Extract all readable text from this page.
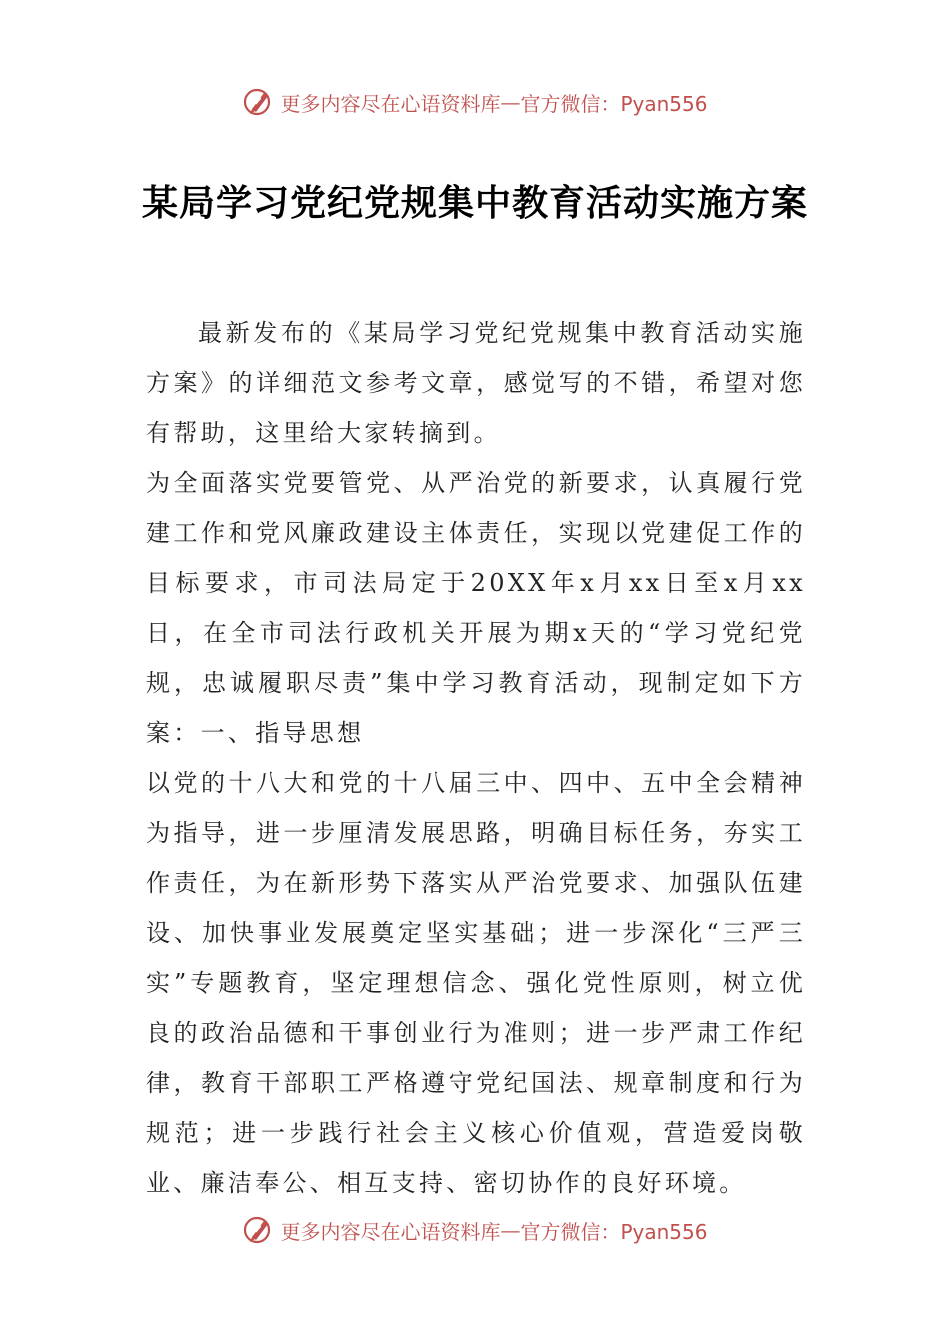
更多内容尽在心语资料库 — 官方微信：Pyan556
某局学习党纪党规集中教育活动实施方案

最新发布的《某局学习党纪党规集中教育活动实施方案》的详细范文参考文章，感觉写的不错，希望对您有帮助，这里给大家转摘到。

为全面落实党要管党、从严治党的新要求，认真履行党建工作和党风廉政建设主体责任，实现以党建促工作的目标要求，市司法局定于20XX年x月xx日至x月xx日，在全市司法行政机关开展为期x天的“学习党纪党规，忠诚履职尽责”集中学习教育活动，现制定如下方案：一、指导思想

以党的十八大和党的十八届三中、四中、五中全会精神为指导，进一步厘清发展思路，明确目标任务，夯实工作责任，为在新形势下落实从严治党要求、加强队伍建设、加快事业发展奠定坚实基础；进一步深化“三严三实”专题教育，坚定理想信念、强化党性原则，树立优良的政治品德和干事创业行为准则；进一步严肃工作纪律，教育干部职工严格遵守党纪国法、规章制度和行为规范；进一步践行社会主义核心价值观，营造爱岗敬业、廉洁奉公、相互支持、密切协作的良好环境。

更多内容尽在心语资料库 — 官方微信：Pyan556
